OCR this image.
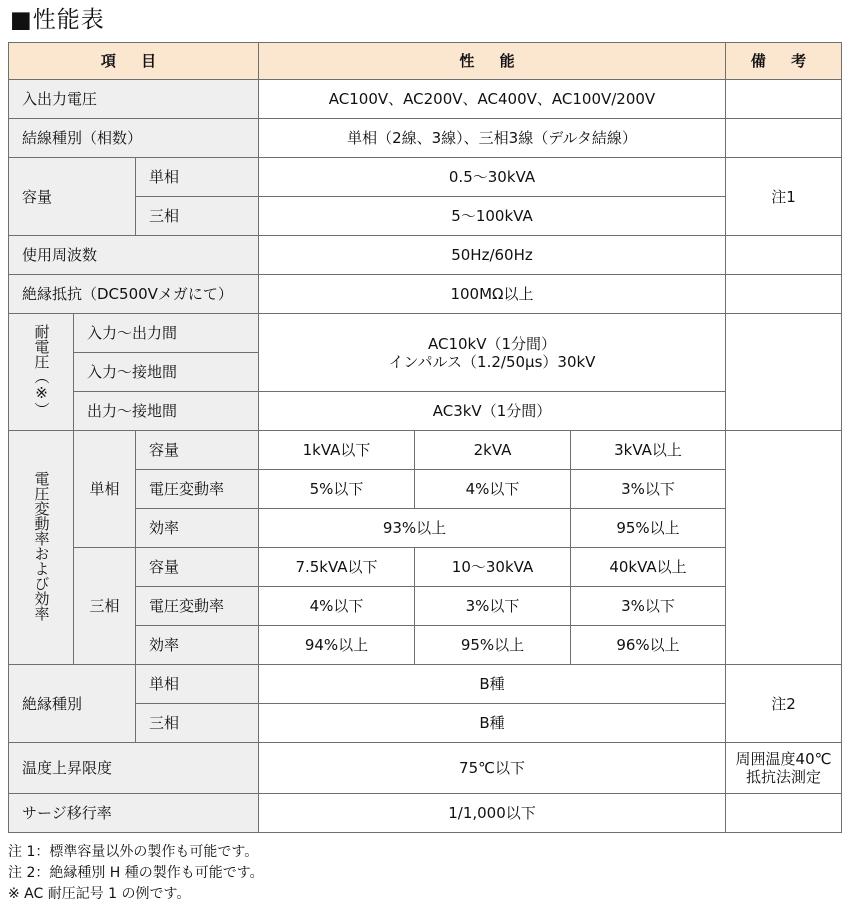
■性能表
項 目			性 能			備 考
入出力電圧			AC100V、AC200V、AC400V、AC100V/200V			
結線種別（相数）			単相（2線、3線）、三相3線（デルタ結線）			
容量		単相	0.5〜30kVA			注1
		三相	5〜100kVA			
使用周波数			50Hz/60Hz			
絶縁抵抗（DC500Vメガにて）			100MΩ以上			
耐電圧（※）	入力〜出力間		AC10kV（1分間）
インパルス（1.2/50μs）30kV			

	入力〜接地間					
	出力〜接地間		AC3kV（1分間）			
電圧変動率および効率	単相	容量	1kVA以下	2kVA	3kVA以上	
		電圧変動率	5%以下	4%以下	3%以下	
		効率	93%以上		95%以上	
	三相	容量	7.5kVA以下	10〜30kVA	40kVA以上	
		電圧変動率	4%以下	3%以下	3%以下	
		効率	94%以上	95%以上	96%以上	
絶縁種別		単相	B種			注2
		三相	B種			
温度上昇限度			75℃以下			周囲温度40℃
抵抗法測定

サージ移行率			1/1,000以下			
注 1：標準容量以外の製作も可能です。
注 2：絶縁種別 H 種の製作も可能です。
※ AC 耐圧記号 1 の例です。
